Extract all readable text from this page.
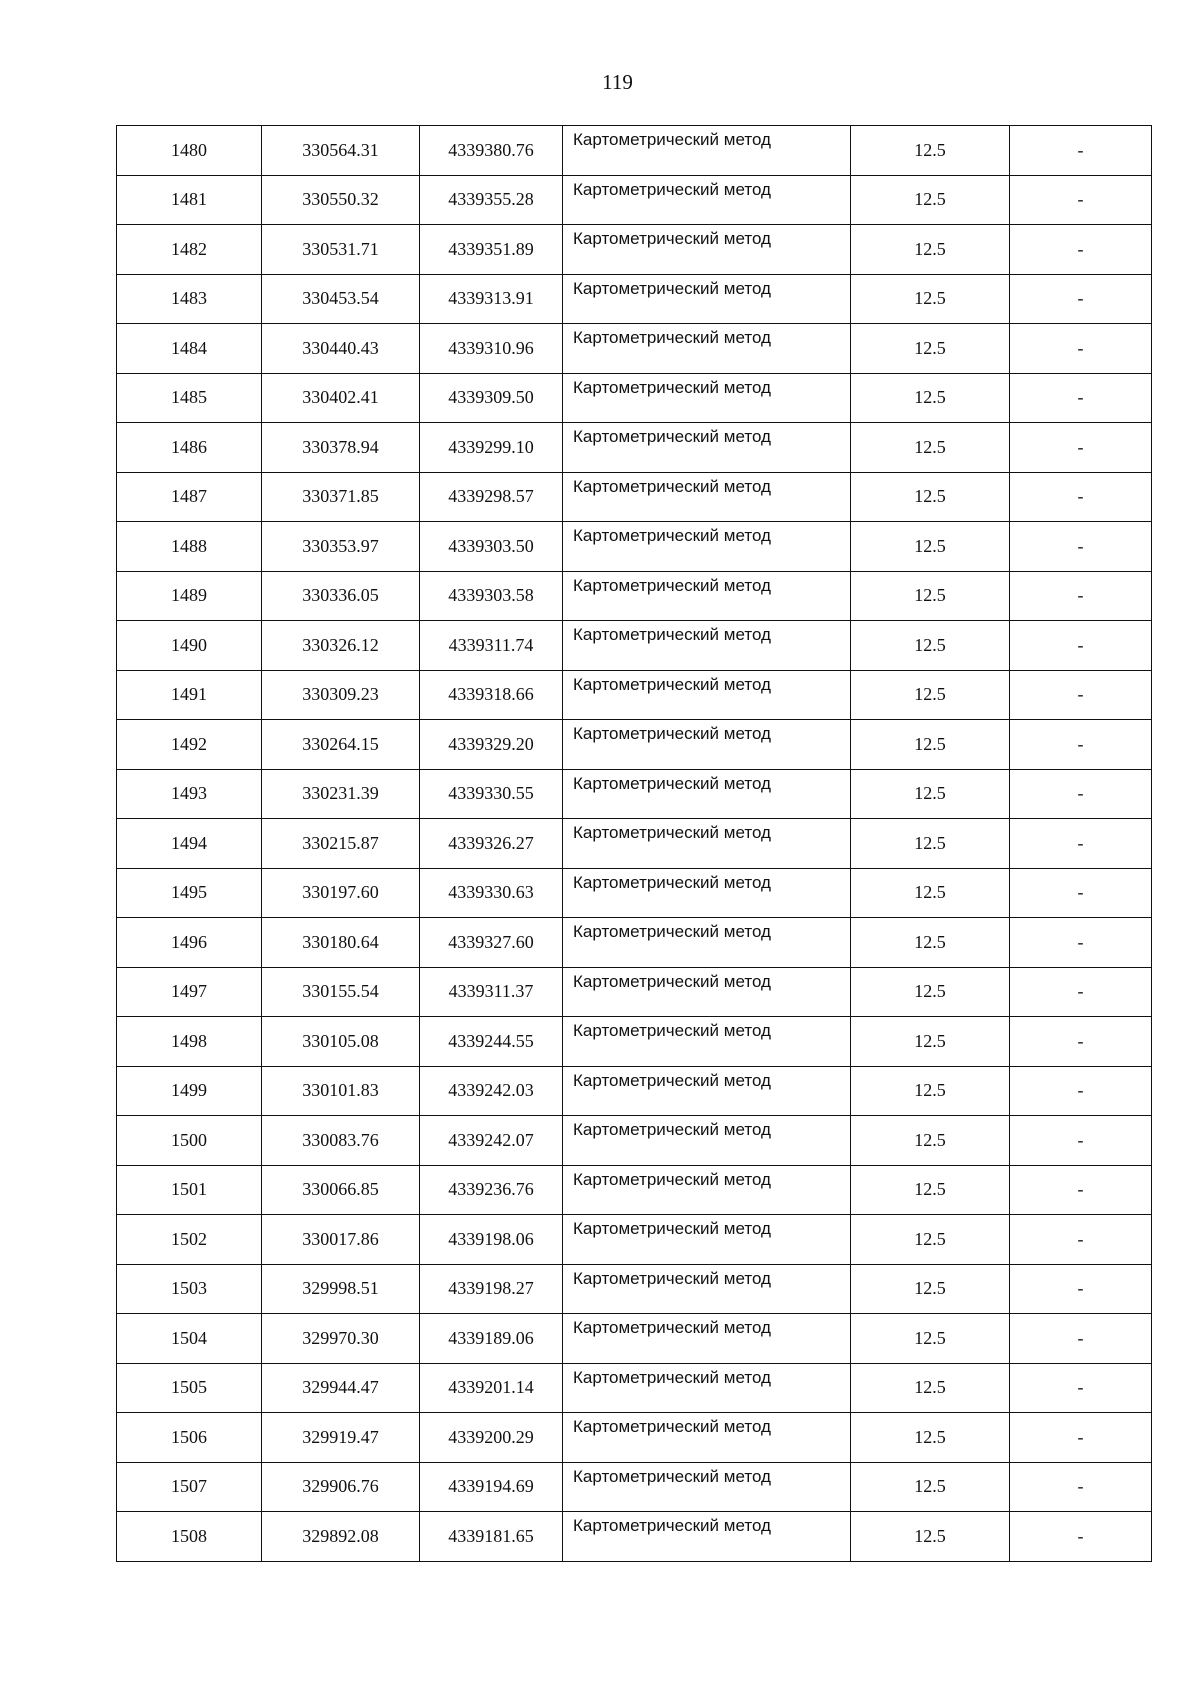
119
1480	330564.31	4339380.76	Картометрический метод	12.5	-
1481	330550.32	4339355.28	Картометрический метод	12.5	-
1482	330531.71	4339351.89	Картометрический метод	12.5	-
1483	330453.54	4339313.91	Картометрический метод	12.5	-
1484	330440.43	4339310.96	Картометрический метод	12.5	-
1485	330402.41	4339309.50	Картометрический метод	12.5	-
1486	330378.94	4339299.10	Картометрический метод	12.5	-
1487	330371.85	4339298.57	Картометрический метод	12.5	-
1488	330353.97	4339303.50	Картометрический метод	12.5	-
1489	330336.05	4339303.58	Картометрический метод	12.5	-
1490	330326.12	4339311.74	Картометрический метод	12.5	-
1491	330309.23	4339318.66	Картометрический метод	12.5	-
1492	330264.15	4339329.20	Картометрический метод	12.5	-
1493	330231.39	4339330.55	Картометрический метод	12.5	-
1494	330215.87	4339326.27	Картометрический метод	12.5	-
1495	330197.60	4339330.63	Картометрический метод	12.5	-
1496	330180.64	4339327.60	Картометрический метод	12.5	-
1497	330155.54	4339311.37	Картометрический метод	12.5	-
1498	330105.08	4339244.55	Картометрический метод	12.5	-
1499	330101.83	4339242.03	Картометрический метод	12.5	-
1500	330083.76	4339242.07	Картометрический метод	12.5	-
1501	330066.85	4339236.76	Картометрический метод	12.5	-
1502	330017.86	4339198.06	Картометрический метод	12.5	-
1503	329998.51	4339198.27	Картометрический метод	12.5	-
1504	329970.30	4339189.06	Картометрический метод	12.5	-
1505	329944.47	4339201.14	Картометрический метод	12.5	-
1506	329919.47	4339200.29	Картометрический метод	12.5	-
1507	329906.76	4339194.69	Картометрический метод	12.5	-
1508	329892.08	4339181.65	Картометрический метод	12.5	-
